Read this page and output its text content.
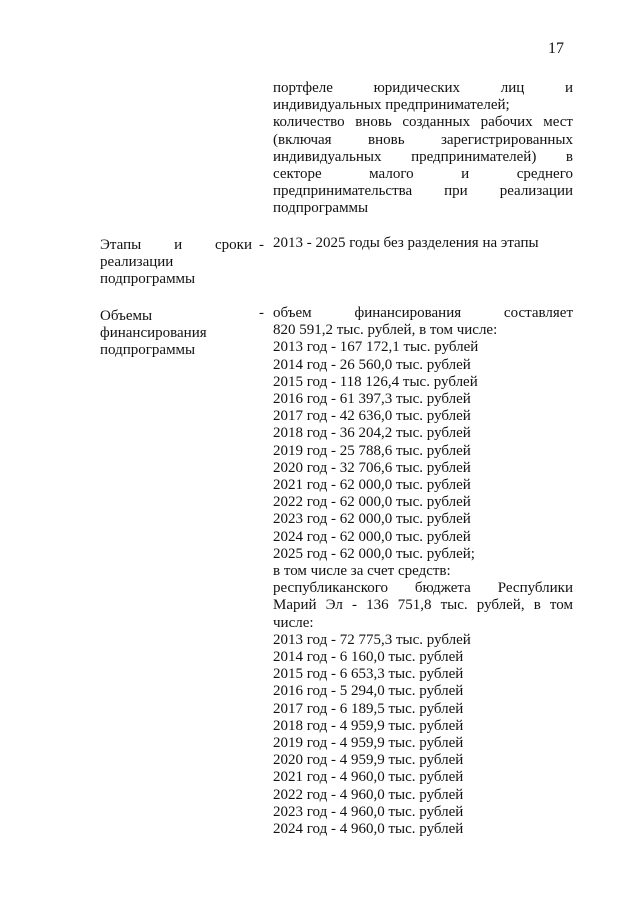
17
портфеле юридических лиц и
индивидуальных предпринимателей;
количество вновь созданных рабочих мест
(включая вновь зарегистрированных
индивидуальных предпринимателей) в
секторе малого и среднего
предпринимательства при реализации
подпрограммы
Этапы и сроки
реализации
подпрограммы
- 2013 - 2025 годы без разделения на этапы
Объемы
финансирования
подпрограммы
- объем финансирования составляет
820 591,2 тыс. рублей, в том числе:
2013 год - 167 172,1 тыс. рублей
2014 год - 26 560,0 тыс. рублей
2015 год - 118 126,4 тыс. рублей
2016 год - 61 397,3 тыс. рублей
2017 год - 42 636,0 тыс. рублей
2018 год - 36 204,2 тыс. рублей
2019 год - 25 788,6 тыс. рублей
2020 год - 32 706,6 тыс. рублей
2021 год - 62 000,0 тыс. рублей
2022 год - 62 000,0 тыс. рублей
2023 год - 62 000,0 тыс. рублей
2024 год - 62 000,0 тыс. рублей
2025 год - 62 000,0 тыс. рублей;
в том числе за счет средств:
республиканского бюджета Республики
Марий Эл - 136 751,8 тыс. рублей, в том
числе:
2013 год - 72 775,3 тыс. рублей
2014 год - 6 160,0 тыс. рублей
2015 год - 6 653,3 тыс. рублей
2016 год - 5 294,0 тыс. рублей
2017 год - 6 189,5 тыс. рублей
2018 год - 4 959,9 тыс. рублей
2019 год - 4 959,9 тыс. рублей
2020 год - 4 959,9 тыс. рублей
2021 год - 4 960,0 тыс. рублей
2022 год - 4 960,0 тыс. рублей
2023 год - 4 960,0 тыс. рублей
2024 год - 4 960,0 тыс. рублей
